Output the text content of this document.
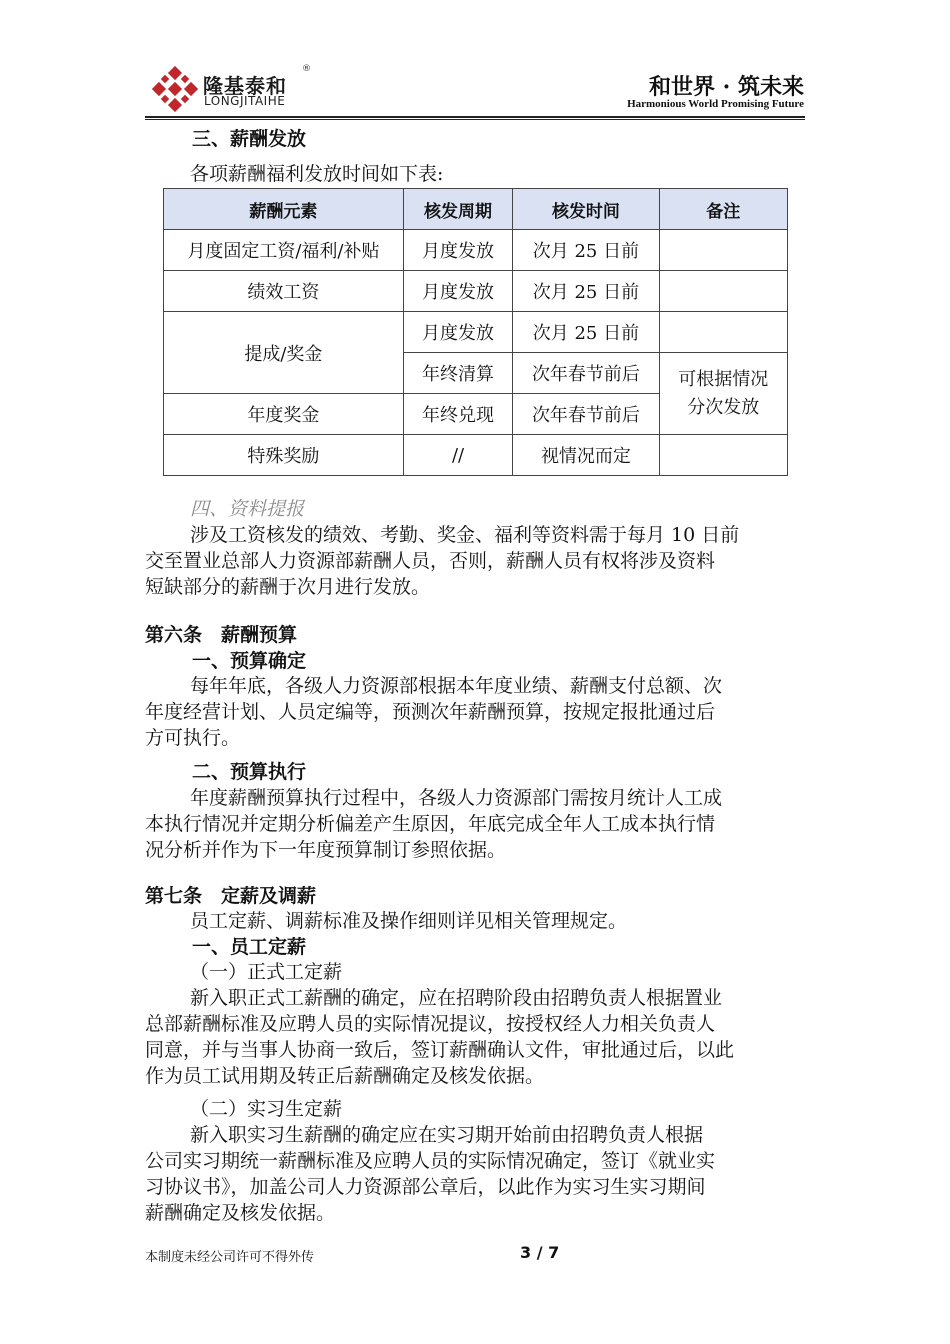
隆基泰和
®
LONGJITAIHE
和世界 · 筑未来
Harmonious World Promising Future
三、薪酬发放
各项薪酬福利发放时间如下表:
薪酬元素	核发周期	核发时间	备注
月度固定工资/福利/补贴	月度发放	次月 25 日前	
绩效工资	月度发放	次月 25 日前	
提成/奖金	月度发放	次月 25 日前	
	年终清算	次年春节前后	可根据情况
分次发放

年度奖金	年终兑现	次年春节前后	
特殊奖励	//	视情况而定	
四、资料提报
涉及工资核发的绩效、考勤、奖金、福利等资料需于每月 10 日前
交至置业总部人力资源部薪酬人员，否则，薪酬人员有权将涉及资料
短缺部分的薪酬于次月进行发放。
第六条　薪酬预算
一、预算确定
每年年底，各级人力资源部根据本年度业绩、薪酬支付总额、次
年度经营计划、人员定编等，预测次年薪酬预算，按规定报批通过后
方可执行。
二、预算执行
年度薪酬预算执行过程中，各级人力资源部门需按月统计人工成
本执行情况并定期分析偏差产生原因，年底完成全年人工成本执行情
况分析并作为下一年度预算制订参照依据。
第七条　定薪及调薪
员工定薪、调薪标准及操作细则详见相关管理规定。
一、员工定薪
（一）正式工定薪
新入职正式工薪酬的确定，应在招聘阶段由招聘负责人根据置业
总部薪酬标准及应聘人员的实际情况提议，按授权经人力相关负责人
同意，并与当事人协商一致后，签订薪酬确认文件，审批通过后，以此
作为员工试用期及转正后薪酬确定及核发依据。
（二）实习生定薪
新入职实习生薪酬的确定应在实习期开始前由招聘负责人根据
公司实习期统一薪酬标准及应聘人员的实际情况确定，签订《就业实
习协议书》，加盖公司人力资源部公章后，以此作为实习生实习期间
薪酬确定及核发依据。
本制度未经公司许可不得外传	3 / 7
